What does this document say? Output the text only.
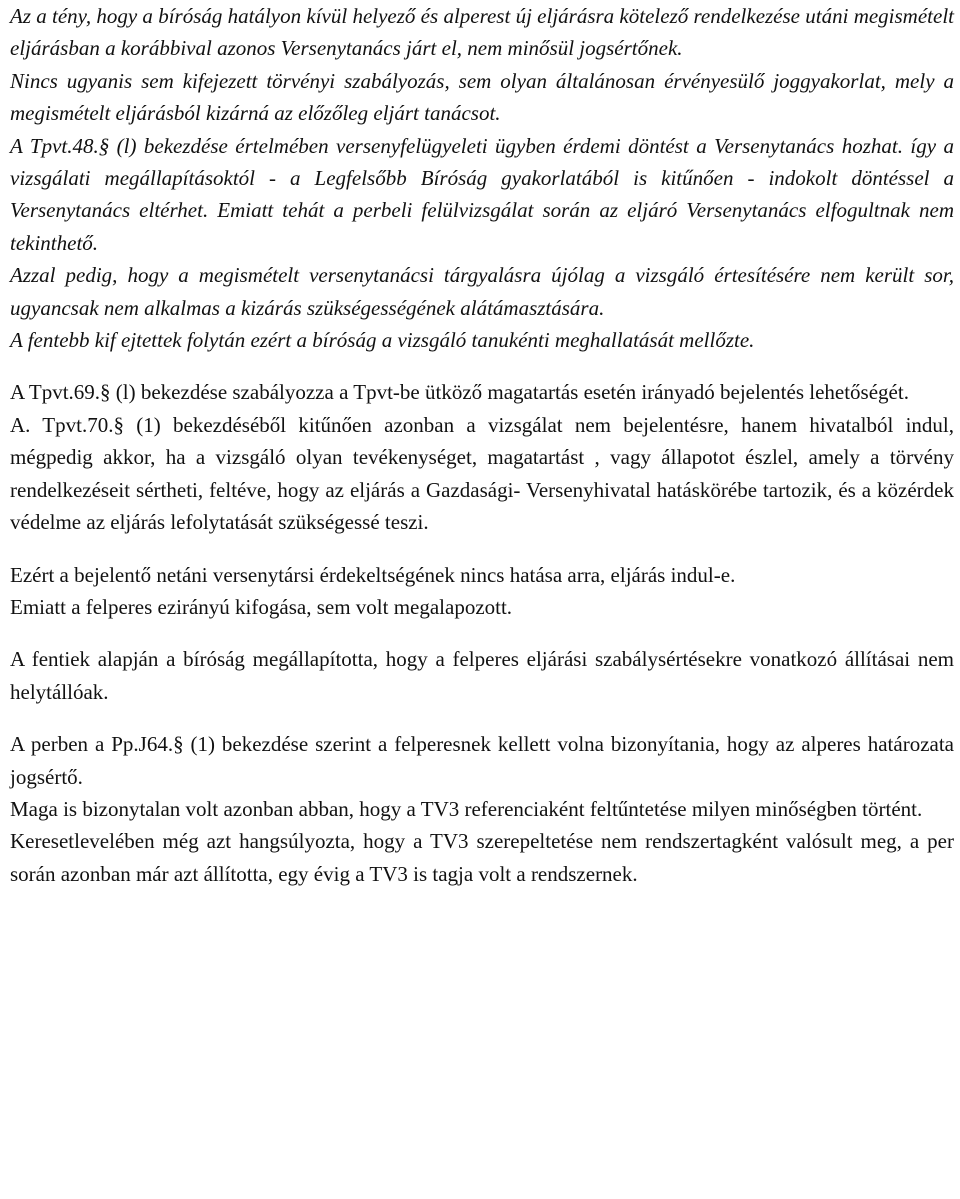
Az a tény, hogy a bíróság hatályon kívül helyező és alperest új eljárásra kötelező rendelkezése utáni megismételt eljárásban a korábbival azonos Versenytanács járt el, nem minősül jogsértőnek.

Nincs ugyanis sem kifejezett törvényi szabályozás, sem olyan általánosan érvényesülő joggyakorlat, mely a megismételt eljárásból kizárná az előzőleg eljárt tanácsot.

A Tpvt.48.§ (l) bekezdése értelmében versenyfelügyeleti ügyben érdemi döntést a Versenytanács hozhat. így a vizsgálati megállapításoktól - a Legfelsőbb Bíróság gyakorlatából is kitűnően - indokolt döntéssel a Versenytanács eltérhet. Emiatt tehát a perbeli felülvizsgálat során az eljáró Versenytanács elfogultnak nem tekinthető.

Azzal pedig, hogy a megismételt versenytanácsi tárgyalásra újólag a vizsgáló értesítésére nem került sor, ugyancsak nem alkalmas a kizárás szükségességének alátámasztására.

A fentebb kif ejtettek folytán ezért a bíróság a vizsgáló tanukénti meghallatását mellőzte.

A Tpvt.69.§ (l) bekezdése szabályozza a Tpvt-be ütköző magatartás esetén irányadó bejelentés lehetőségét.

A. Tpvt.70.§ (1) bekezdéséből kitűnően azonban a vizsgálat nem bejelentésre, hanem hivatalból indul, mégpedig akkor, ha a vizsgáló olyan tevékenységet, magatartást , vagy állapotot észlel, amely a törvény rendelkezéseit sértheti, feltéve, hogy az eljárás a Gazdasági- Versenyhivatal hatáskörébe tartozik, és a közérdek védelme az eljárás lefolytatását szükségessé teszi.

Ezért a bejelentő netáni versenytársi érdekeltségének nincs hatása arra, eljárás indul-e.

Emiatt a felperes ezirányú kifogása, sem volt megalapozott.

A fentiek alapján a bíróság megállapította, hogy a felperes eljárási szabálysértésekre vonatkozó állításai nem helytállóak.

A perben a Pp.J64.§ (1) bekezdése szerint a felperesnek kellett volna bizonyítania, hogy az alperes határozata jogsértő.

Maga is bizonytalan volt azonban abban, hogy a TV3 referenciaként feltűntetése milyen minőségben történt.

Keresetlevelében még azt hangsúlyozta, hogy a TV3 szerepeltetése nem rendszertagként valósult meg, a per során azonban már azt állította, egy évig a TV3 is tagja volt a rendszernek.
